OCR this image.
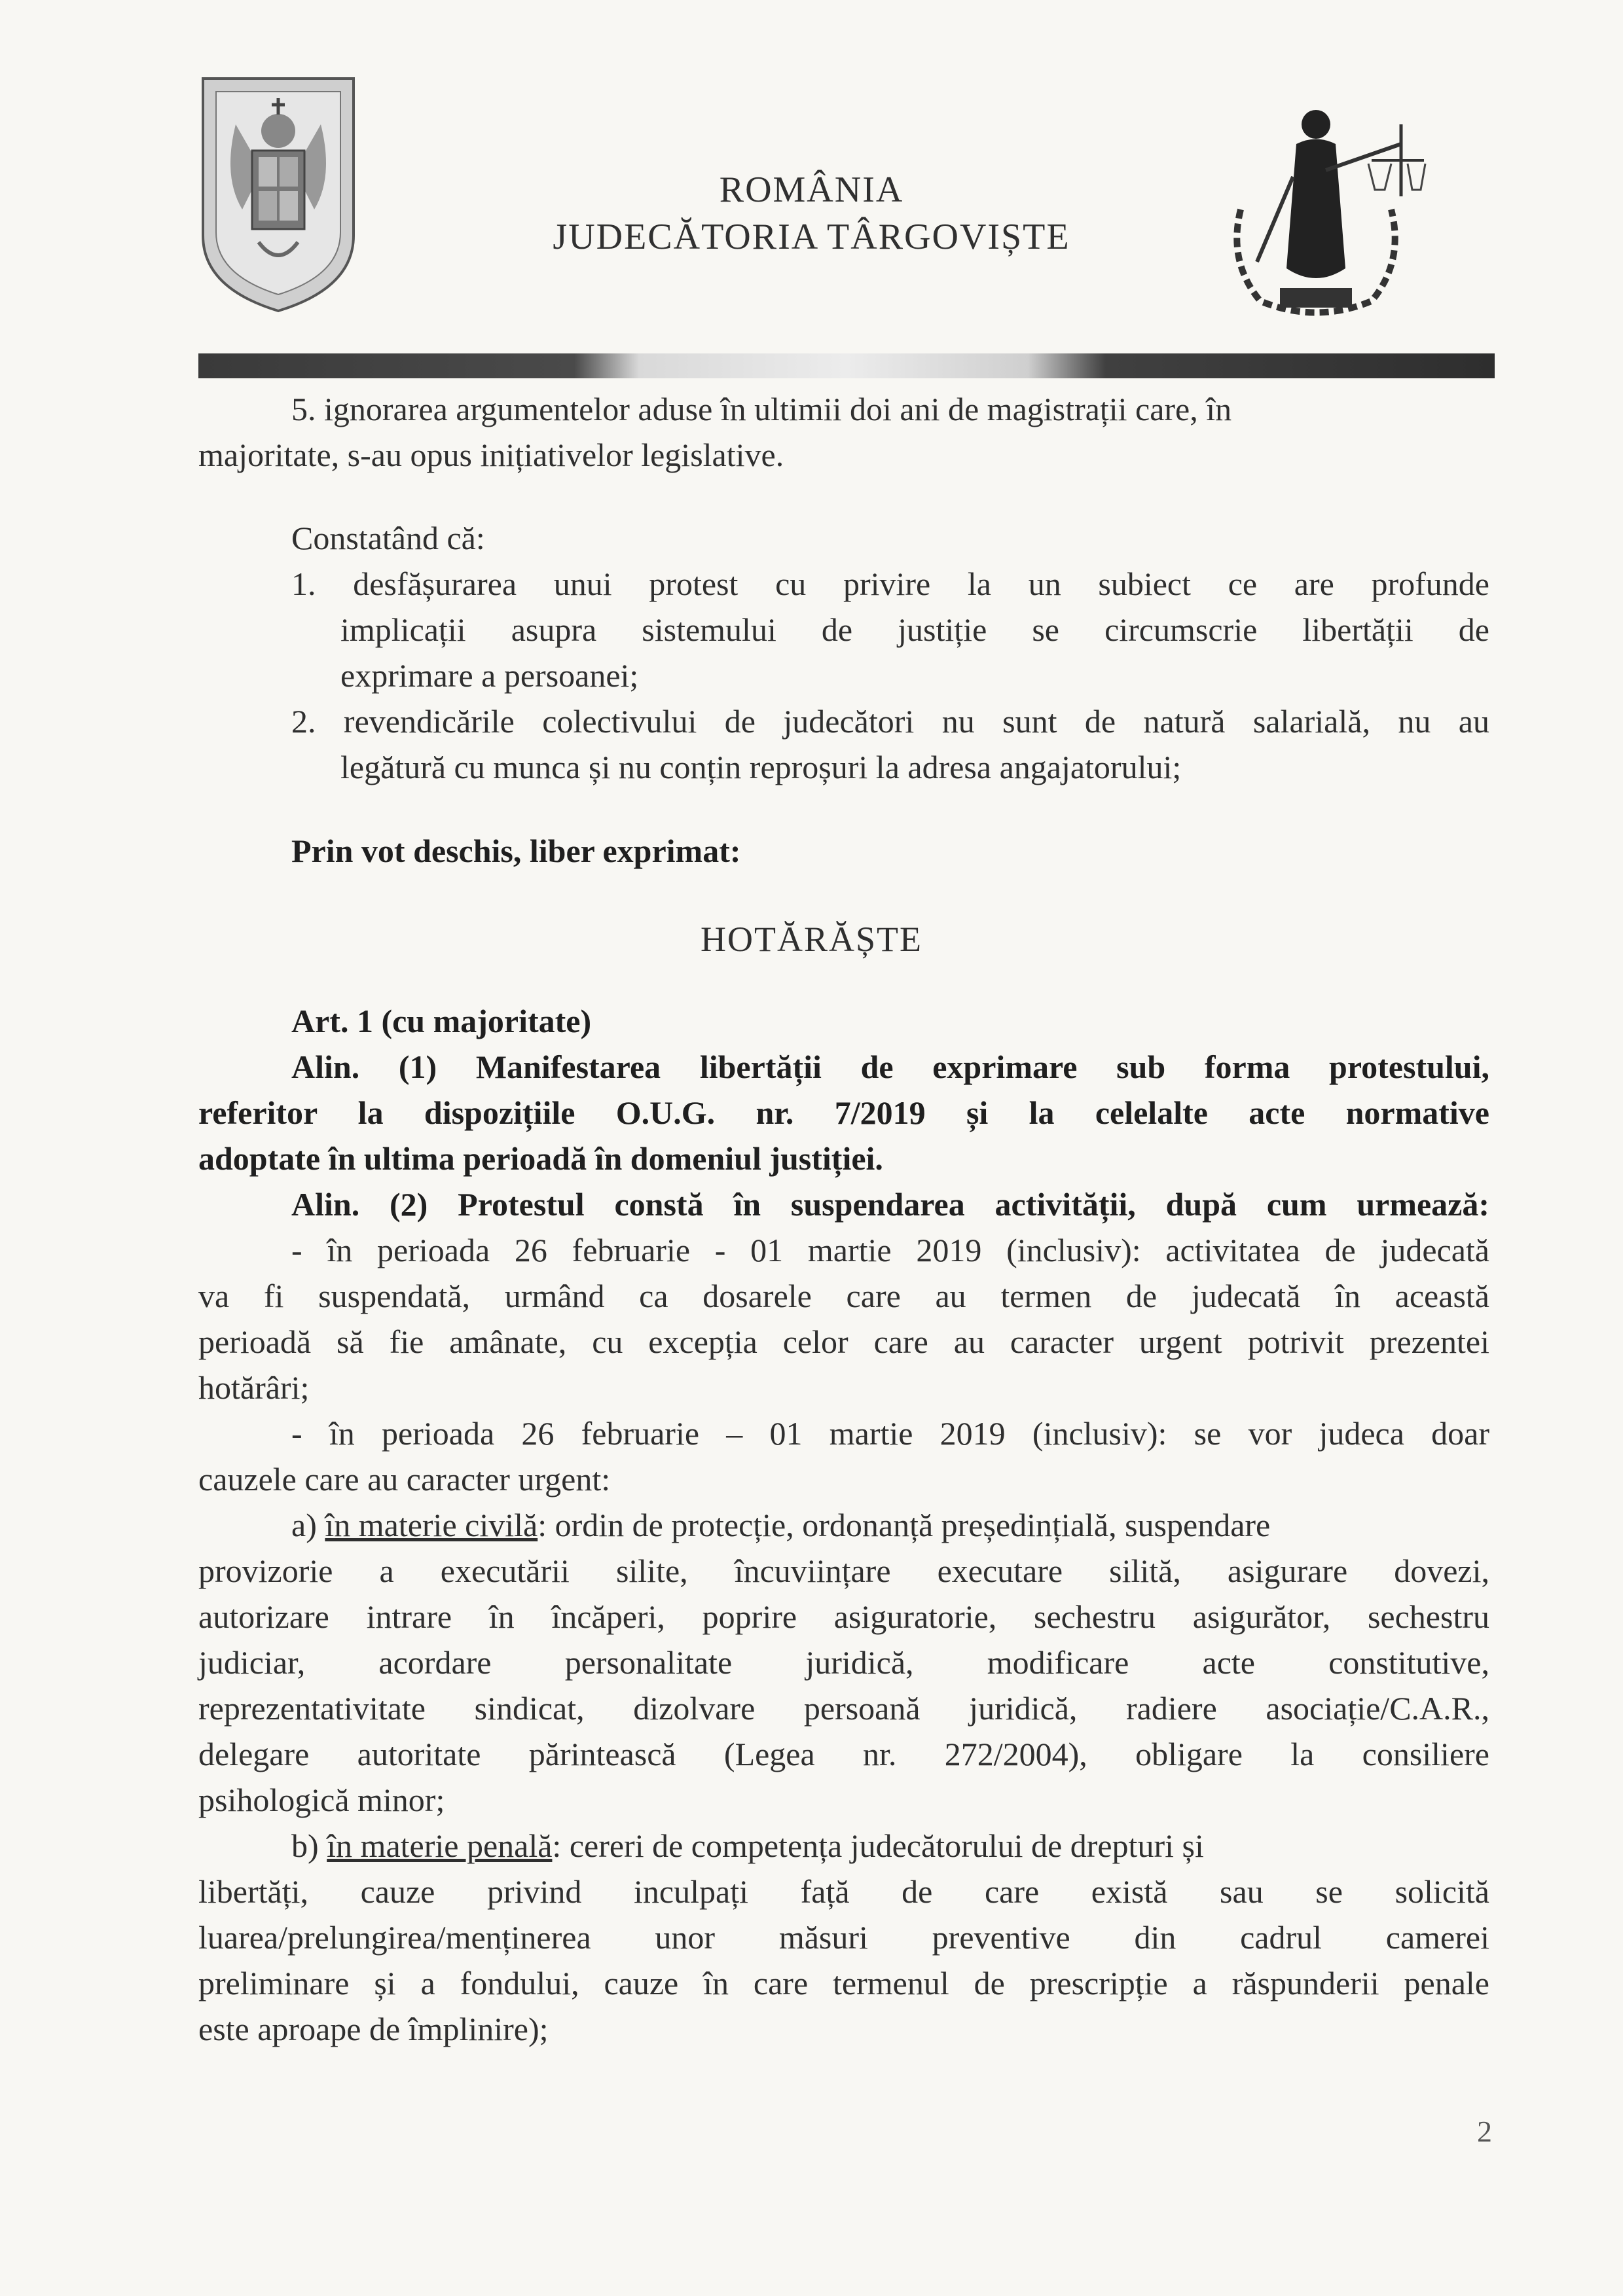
ROMÂNIA
JUDECĂTORIA TÂRGOVIȘTE
5. ignorarea argumentelor aduse în ultimii doi ani de magistrații care, în
majoritate, s-au opus inițiativelor legislative.
Constatând că:
1. desfășurarea unui protest cu privire la un subiect ce are profunde
implicații asupra sistemului de justiție se circumscrie libertății de
exprimare a persoanei;
2. revendicările colectivului de judecători nu sunt de natură salarială, nu au
legătură cu munca și nu conțin reproșuri la adresa angajatorului;
Prin vot deschis, liber exprimat:
HOTĂRĂȘTE
Art. 1 (cu majoritate)
Alin. (1) Manifestarea libertății de exprimare sub forma protestului,
referitor la dispozițiile O.U.G. nr. 7/2019 și la celelalte acte normative
adoptate în ultima perioadă în domeniul justiției.
Alin. (2) Protestul constă în suspendarea activității, după cum urmează:
- în perioada 26 februarie - 01 martie 2019 (inclusiv): activitatea de judecată
va fi suspendată, urmând ca dosarele care au termen de judecată în această
perioadă să fie amânate, cu excepția celor care au caracter urgent potrivit prezentei
hotărâri;
- în perioada 26 februarie – 01 martie 2019 (inclusiv): se vor judeca doar
cauzele care au caracter urgent:
a) în materie civilă: ordin de protecție, ordonanță președințială, suspendare
provizorie a executării silite, încuviințare executare silită, asigurare dovezi,
autorizare intrare în încăperi, poprire asiguratorie, sechestru asigurător, sechestru
judiciar, acordare personalitate juridică, modificare acte constitutive,
reprezentativitate sindicat, dizolvare persoană juridică, radiere asociație/C.A.R.,
delegare autoritate părintească (Legea nr. 272/2004), obligare la consiliere
psihologică minor;
b) în materie penală: cereri de competența judecătorului de drepturi și
libertăți, cauze privind inculpați față de care există sau se solicită
luarea/prelungirea/menținerea unor măsuri preventive din cadrul camerei
preliminare și a fondului, cauze în care termenul de prescripție a răspunderii penale
este aproape de împlinire);
2
